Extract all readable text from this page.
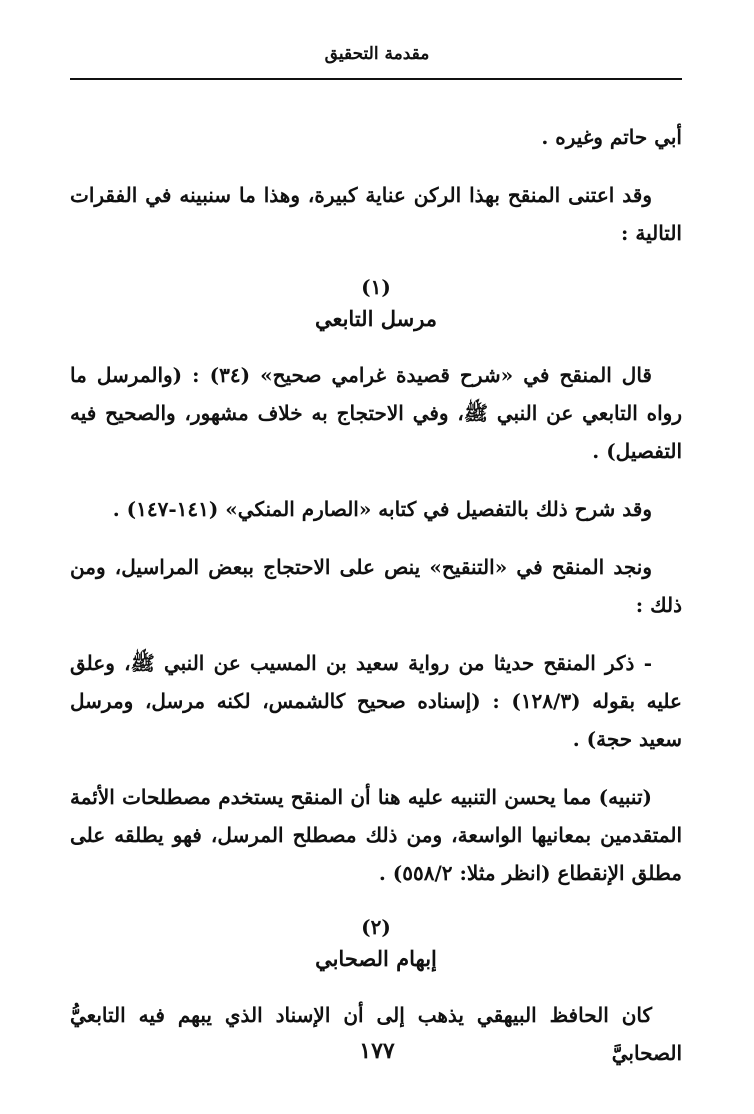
مقدمة التحقيق

أبي حاتم وغيره .

وقد اعتنى المنقح بهذا الركن عناية كبيرة، وهذا ما سنبينه في الفقرات التالية :

(١)
مرسل التابعي

قال المنقح في «شرح قصيدة غرامي صحيح» (٣٤) : (والمرسل ما رواه التابعي عن النبي ﷺ، وفي الاحتجاج به خلاف مشهور، والصحيح فيه التفصيل) .

وقد شرح ذلك بالتفصيل في كتابه «الصارم المنكي» (١٤١-١٤٧) .

ونجد المنقح في «التنقيح» ينص على الاحتجاج ببعض المراسيل، ومن ذلك :

- ذكر المنقح حديثا من رواية سعيد بن المسيب عن النبي ﷺ، وعلق عليه بقوله (١٢٨/٣) : (إسناده صحيح كالشمس، لكنه مرسل، ومرسل سعيد حجة) .

(تنبيه) مما يحسن التنبيه عليه هنا أن المنقح يستخدم مصطلحات الأئمة المتقدمين بمعانيها الواسعة، ومن ذلك مصطلح المرسل، فهو يطلقه على مطلق الإنقطاع (انظر مثلا: ٥٥٨/٢) .

(٢)
إبهام الصحابي

كان الحافظ البيهقي يذهب إلى أن الإسناد الذي يبهم فيه التابعيُّ الصحابيَّ

١٧٧
